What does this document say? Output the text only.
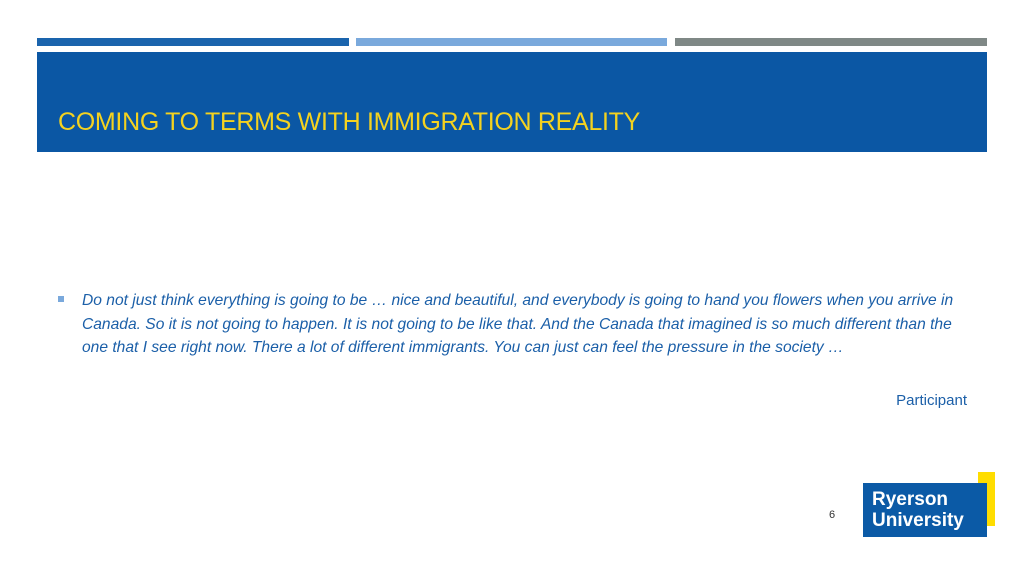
COMING TO TERMS WITH IMMIGRATION REALITY
Do not just think everything is going to be … nice and beautiful, and everybody is going to hand you flowers when you arrive in Canada. So it is not going to happen. It is not going to be like that. And the Canada that imagined is so much different than the one that I see right now. There a lot of different immigrants. You can just can feel the pressure in the society …
Participant
6
Ryerson
University
